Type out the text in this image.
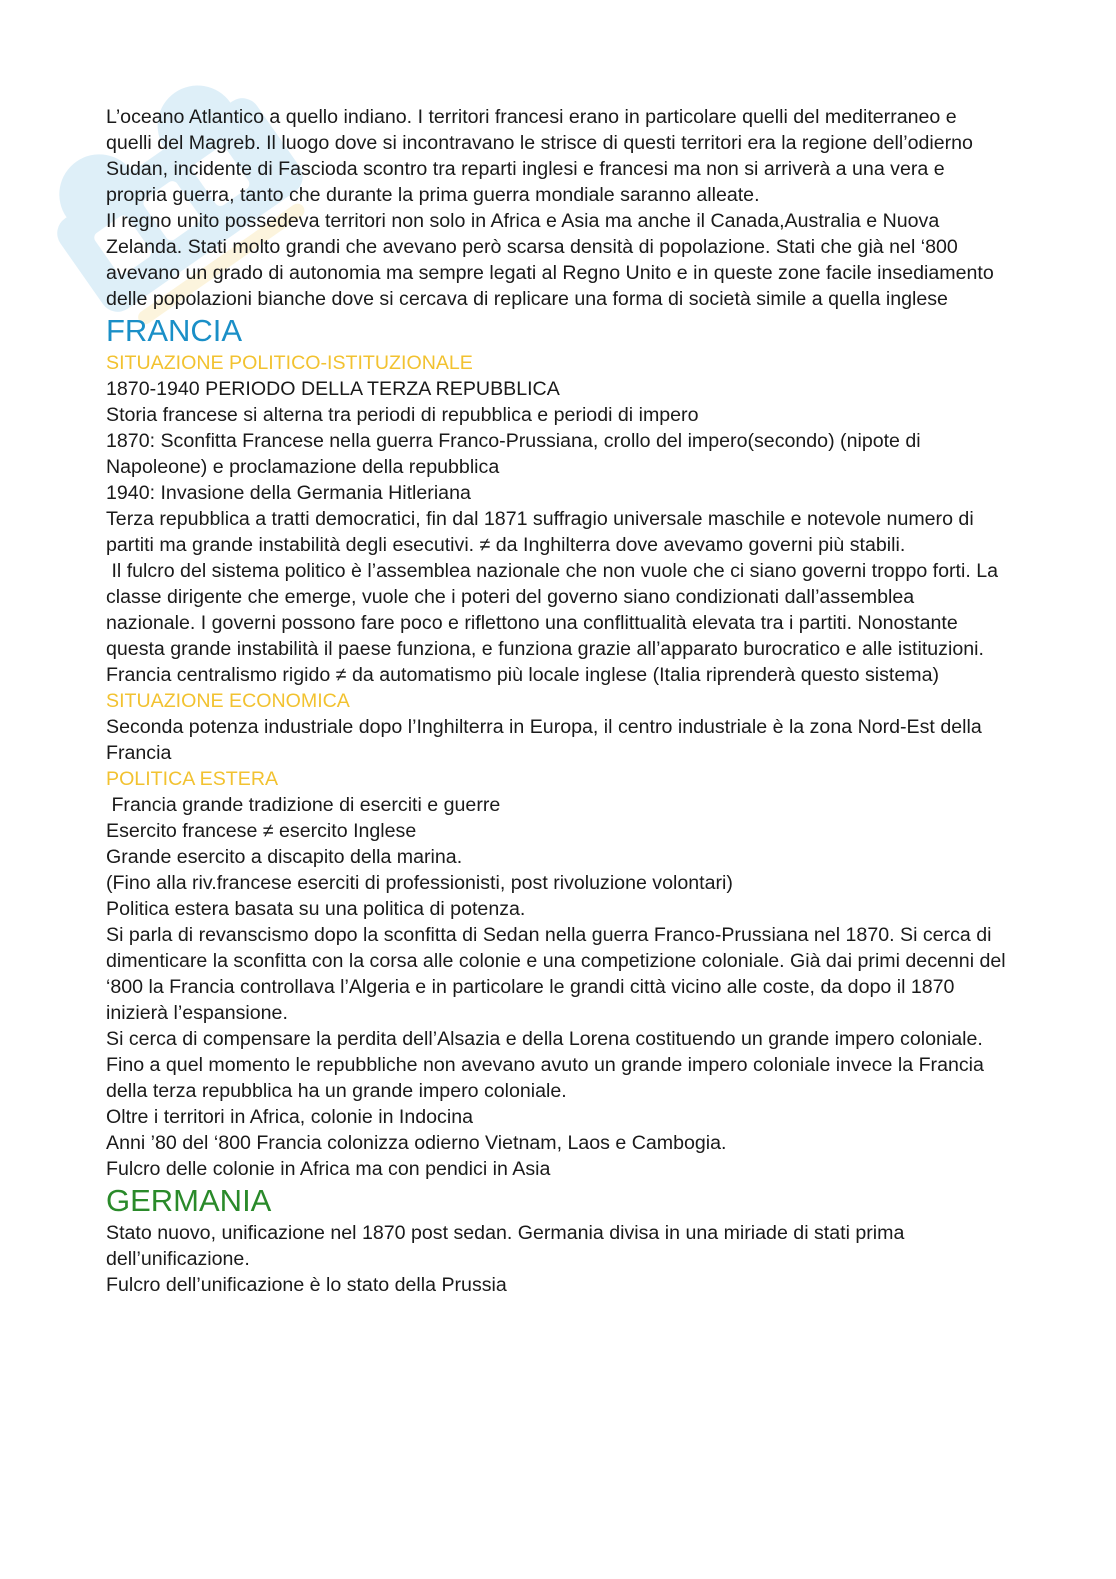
L’oceano Atlantico a quello indiano. I territori francesi erano in particolare quelli del mediterraneo e quelli del Magreb. Il luogo dove si incontravano le strisce di questi territori era la regione dell’odierno Sudan, incidente di Fascioda scontro tra reparti inglesi e francesi ma non si arriverà a una vera e propria guerra, tanto che durante la prima guerra mondiale saranno alleate.

Il regno unito possedeva territori non solo in Africa e Asia ma anche il Canada,Australia e Nuova Zelanda. Stati molto grandi che avevano però scarsa densità di popolazione. Stati che già nel ‘800 avevano un grado di autonomia ma sempre legati al Regno Unito e in queste zone facile insediamento delle popolazioni bianche dove si cercava di replicare una forma di società simile a quella inglese

FRANCIA
SITUAZIONE POLITICO-ISTITUZIONALE

1870-1940 PERIODO DELLA TERZA REPUBBLICA

Storia francese si alterna tra periodi di repubblica e periodi di impero

1870: Sconfitta Francese nella guerra Franco-Prussiana, crollo del impero(secondo) (nipote di Napoleone) e proclamazione della repubblica

1940: Invasione della Germania Hitleriana

Terza repubblica a tratti democratici, fin dal 1871 suffragio universale maschile e notevole numero di partiti ma grande instabilità degli esecutivi. ≠ da Inghilterra dove avevamo governi più stabili.

Il fulcro del sistema politico è l’assemblea nazionale che non vuole che ci siano governi troppo forti. La classe dirigente che emerge, vuole che i poteri del governo siano condizionati dall’assemblea nazionale. I governi possono fare poco e riflettono una conflittualità elevata tra i partiti. Nonostante questa grande instabilità il paese funziona, e funziona grazie all’apparato burocratico e alle istituzioni.

Francia centralismo rigido ≠ da automatismo più locale inglese (Italia riprenderà questo sistema)

SITUAZIONE ECONOMICA

Seconda potenza industriale dopo l’Inghilterra in Europa, il centro industriale è la zona Nord-Est della Francia

POLITICA ESTERA

Francia grande tradizione di eserciti e guerre

Esercito francese ≠ esercito Inglese

Grande esercito a discapito della marina.

(Fino alla riv.francese eserciti di professionisti, post rivoluzione volontari)

Politica estera basata su una politica di potenza.

Si parla di revanscismo dopo la sconfitta di Sedan nella guerra Franco-Prussiana nel 1870. Si cerca di dimenticare la sconfitta con la corsa alle colonie e una competizione coloniale. Già dai primi decenni del ‘800 la Francia controllava l’Algeria e in particolare le grandi città vicino alle coste, da dopo il 1870 inizierà l’espansione.

Si cerca di compensare la perdita dell’Alsazia e della Lorena costituendo un grande impero coloniale. Fino a quel momento le repubbliche non avevano avuto un grande impero coloniale invece la Francia della terza repubblica ha un grande impero coloniale.

Oltre i territori in Africa, colonie in Indocina

Anni ’80 del ‘800 Francia colonizza odierno Vietnam, Laos e Cambogia.

Fulcro delle colonie in Africa ma con pendici in Asia

GERMANIA

Stato nuovo, unificazione nel 1870 post sedan. Germania divisa in una miriade di stati prima dell’unificazione.

Fulcro dell’unificazione è lo stato della Prussia
